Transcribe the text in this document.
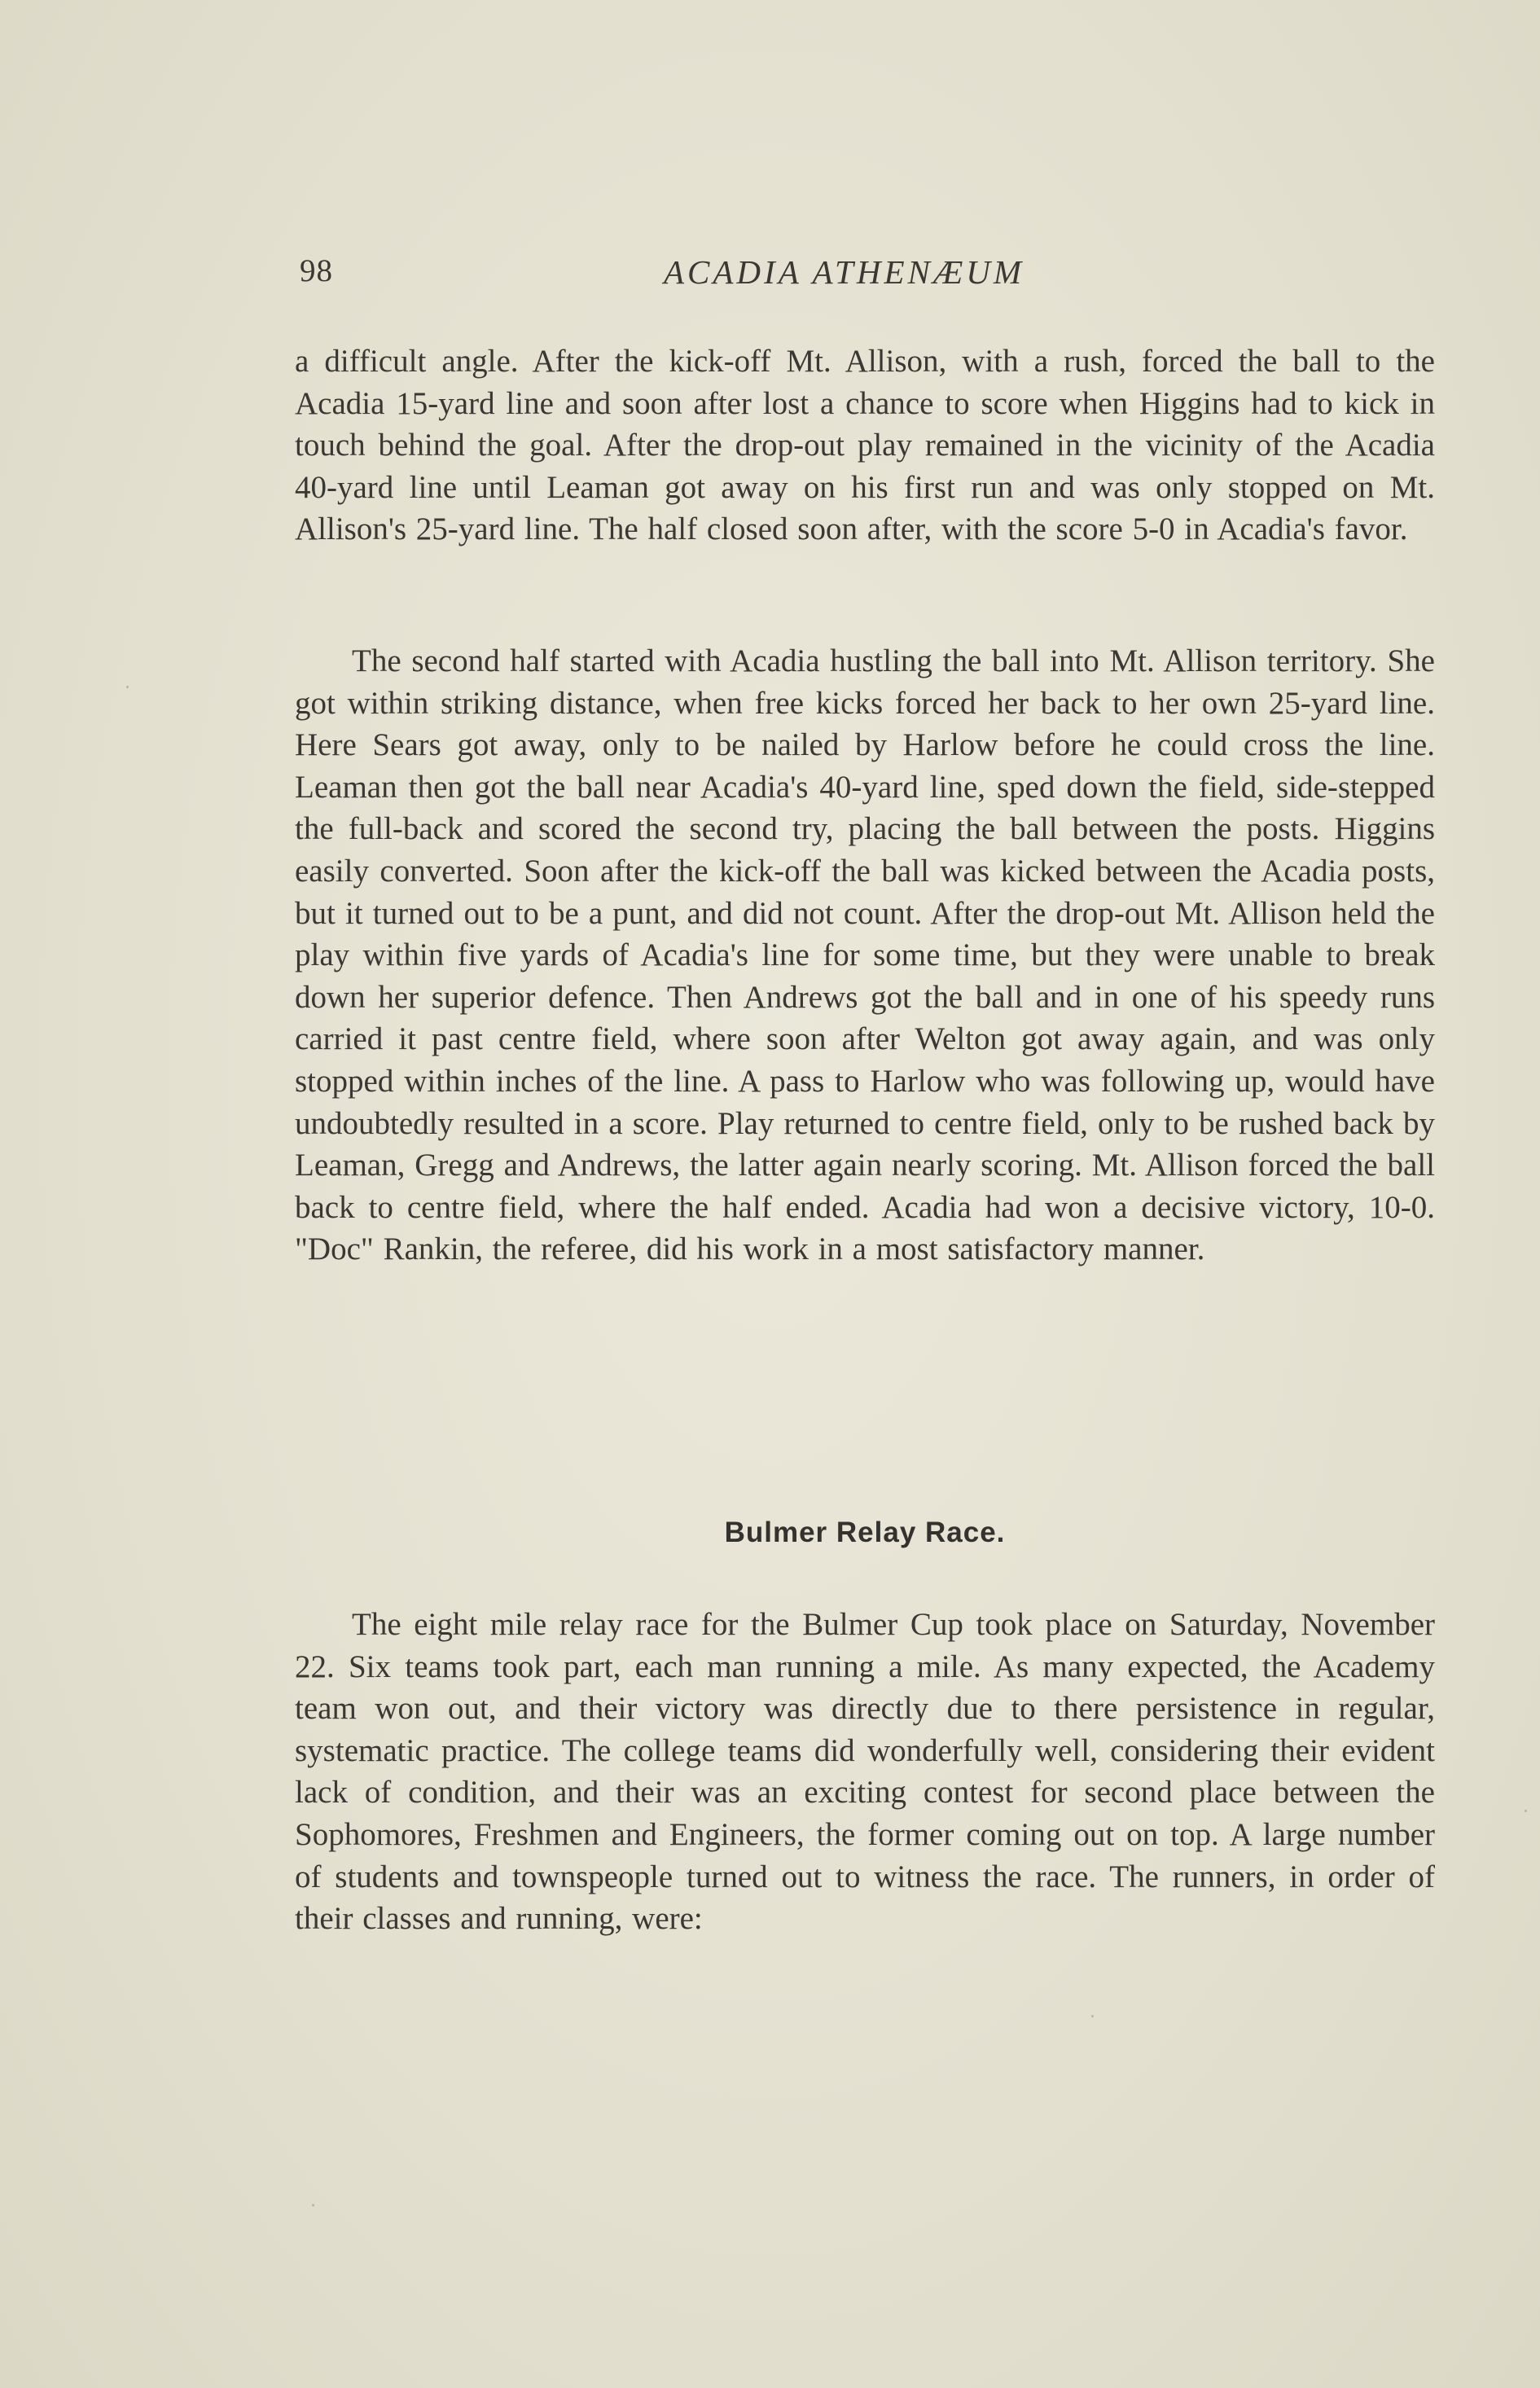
98	ACADIA ATHENÆUM

a difficult angle. After the kick-off Mt. Allison, with a rush, forced the ball to the Acadia 15-yard line and soon after lost a chance to score when Higgins had to kick in touch behind the goal. After the drop-out play remained in the vicinity of the Acadia 40-yard line until Leaman got away on his first run and was only stopped on Mt. Allison's 25-yard line. The half closed soon after, with the score 5-0 in Acadia's favor.

The second half started with Acadia hustling the ball into Mt. Allison territory. She got within striking distance, when free kicks forced her back to her own 25-yard line. Here Sears got away, only to be nailed by Harlow before he could cross the line. Leaman then got the ball near Acadia's 40-yard line, sped down the field, side-stepped the full-back and scored the second try, placing the ball between the posts. Higgins easily converted. Soon after the kick-off the ball was kicked between the Acadia posts, but it turned out to be a punt, and did not count. After the drop-out Mt. Allison held the play within five yards of Acadia's line for some time, but they were unable to break down her superior defence. Then Andrews got the ball and in one of his speedy runs carried it past centre field, where soon after Welton got away again, and was only stopped within inches of the line. A pass to Harlow who was following up, would have undoubtedly resulted in a score. Play returned to centre field, only to be rushed back by Leaman, Gregg and Andrews, the latter again nearly scoring. Mt. Allison forced the ball back to centre field, where the half ended. Acadia had won a decisive victory, 10-0. "Doc" Rankin, the referee, did his work in a most satisfactory manner.

Bulmer Relay Race.

The eight mile relay race for the Bulmer Cup took place on Saturday, November 22. Six teams took part, each man running a mile. As many expected, the Academy team won out, and their victory was directly due to there persistence in regular, systematic practice. The college teams did wonderfully well, considering their evident lack of condition, and their was an exciting contest for second place between the Sophomores, Freshmen and Engineers, the former coming out on top. A large number of students and townspeople turned out to witness the race. The runners, in order of their classes and running, were:
